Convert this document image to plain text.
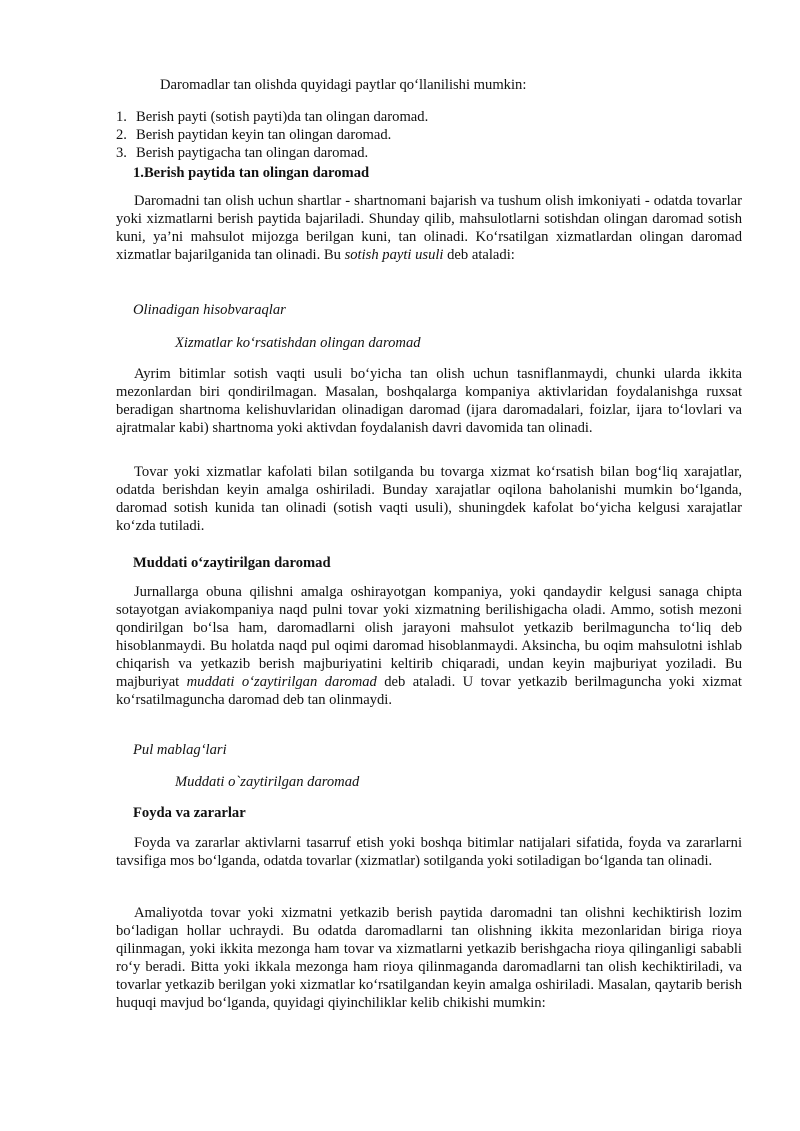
Daromadlar tan olishda quyidagi paytlar qo‘llanilishi mumkin:

1. Berish payti (sotish payti)da tan olingan daromad.
2. Berish paytidan keyin tan olingan daromad.
3. Berish paytigacha tan olingan daromad.

1.Berish paytida tan olingan daromad

Daromadni tan olish uchun shartlar - shartnomani bajarish va tushum olish imkoniyati - odatda tovarlar yoki xizmatlarni berish paytida bajariladi. Shunday qilib, mahsulotlarni sotishdan olingan daromad sotish kuni, ya’ni mahsulot mijozga berilgan kuni, tan olinadi. Ko‘rsatilgan xizmatlardan olingan daromad xizmatlar bajarilganida tan olinadi. Bu sotish payti usuli deb ataladi:

Olinadigan hisobvaraqlar

Xizmatlar ko‘rsatishdan olingan daromad

Ayrim bitimlar sotish vaqti usuli bo‘yicha tan olish uchun tasniflanmaydi, chunki ularda ikkita mezonlardan biri qondirilmagan. Masalan, boshqalarga kompaniya aktivlaridan foydalanishga ruxsat beradigan shartnoma kelishuvlaridan olinadigan daromad (ijara daromadalari, foizlar, ijara to‘lovlari va ajratmalar kabi) shartnoma yoki aktivdan foydalanish davri davomida tan olinadi.

Tovar yoki xizmatlar kafolati bilan sotilganda bu tovarga xizmat ko‘rsatish bilan bog‘liq xarajatlar, odatda berishdan keyin amalga oshiriladi. Bunday xarajatlar oqilona baholanishi mumkin bo‘lganda, daromad sotish kunida tan olinadi (sotish vaqti usuli), shuningdek kafolat bo‘yicha kelgusi xarajatlar ko‘zda tutiladi.

Muddati o‘zaytirilgan daromad

Jurnallarga obuna qilishni amalga oshirayotgan kompaniya, yoki qandaydir kelgusi sanaga chipta sotayotgan aviakompaniya naqd pulni tovar yoki xizmatning berilishigacha oladi. Ammo, sotish mezoni qondirilgan bo‘lsa ham, daromadlarni olish jarayoni mahsulot yetkazib berilmaguncha to‘liq deb hisoblanmaydi. Bu holatda naqd pul oqimi daromad hisoblanmaydi. Aksincha, bu oqim mahsulotni ishlab chiqarish va yetkazib berish majburiyatini keltirib chiqaradi, undan keyin majburiyat yoziladi. Bu majburiyat muddati o‘zaytirilgan daromad deb ataladi. U tovar yetkazib berilmaguncha yoki xizmat ko‘rsatilmaguncha daromad deb tan olinmaydi.

Pul mablag‘lari

Muddati o`zaytirilgan daromad

Foyda va zararlar

Foyda va zararlar aktivlarni tasarruf etish yoki boshqa bitimlar natijalari sifatida, foyda va zararlarni tavsifiga mos bo‘lganda, odatda tovarlar (xizmatlar) sotilganda yoki sotiladigan bo‘lganda tan olinadi.

Amaliyotda tovar yoki xizmatni yetkazib berish paytida daromadni tan olishni kechiktirish lozim bo‘ladigan hollar uchraydi. Bu odatda daromadlarni tan olishning ikkita mezonlaridan biriga rioya qilinmagan, yoki ikkita mezonga ham tovar va xizmatlarni yetkazib berishgacha rioya qilinganligi sababli ro‘y beradi. Bitta yoki ikkala mezonga ham rioya qilinmaganda daromadlarni tan olish kechiktiriladi, va tovarlar yetkazib berilgan yoki xizmatlar ko‘rsatilgandan keyin amalga oshiriladi. Masalan, qaytarib berish huquqi mavjud bo‘lganda, quyidagi qiyinchiliklar kelib chikishi mumkin:
